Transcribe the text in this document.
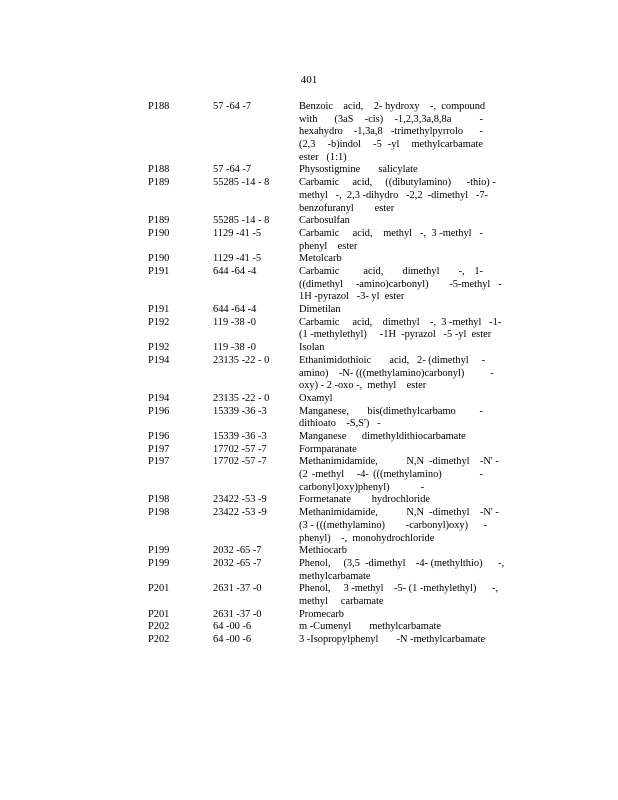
401
P188	57 -64 -7	Benzoic    acid,    2- hydroxy    -,  compound
with   (3aS  -cis)  -1,2,3,3a,8,8a     -
hexahydro    -1,3a,8   -trimethylpyrrolo      -
(2,3  -b)indol  -5 -yl  methylcarbamate
ester   (1:1)
P188	57 -64 -7	Physostigmine       salicylate
P189	55285 -14 - 8	Carbamic     acid,     ((dibutylamino)      -thio) -
methyl   -,  2,3 -dihydro   -2,2  -dimethyl   -7-
benzofuranyl        ester
P189	55285 -14 - 8	Carbosulfan
P190	1129 -41 -5	Carbamic     acid,    methyl   -,  3 -methyl   -
phenyl    ester
P190	1129 -41 -5	Metolcarb
P191	644 -64 -4	Carbamic     acid,    dimethyl    -,  1-
((dimethyl     -amino)carbonyl)        -5-methyl   -
1H -pyrazol   -3- yl  ester
P191	644 -64 -4	Dimetilan
P192	119 -38 -0	Carbamic     acid,    dimethyl    -,  3 -methyl   -1-
(1 -methylethyl)     -1H  -pyrazol   -5 -yl  ester
P192	119 -38 -0	Isolan
P194	23135 -22 - 0	Ethanimidothioic       acid,   2- (dimethyl     -
amino)    -N- (((methylamino)carbonyl)          -
oxy) - 2 -oxo -,  methyl    ester
P194	23135 -22 - 0	Oxamyl
P196	15339 -36 -3	Manganese,       bis(dimethylcarbamo         -
dithioato    -S,S')   -
P196	15339 -36 -3	Manganese      dimethyldithiocarbamate
P197	17702 -57 -7	Formparanate
P197	17702 -57 -7	Methanimidamide,           N,N  -dimethyl    -N' -
(2 -methyl   -4- (((methylamino)         -
carbonyl)oxy)phenyl)            -
P198	23422 -53 -9	Formetanate        hydrochloride
P198	23422 -53 -9	Methanimidamide,           N,N  -dimethyl    -N' -
(3 - (((methylamino)        -carbonyl)oxy)      -
phenyl)    -,  monohydrochloride
P199	2032 -65 -7	Methiocarb
P199	2032 -65 -7	Phenol,     (3,5  -dimethyl    -4- (methylthio)      -,
methylcarbamate
P201	2631 -37 -0	Phenol,     3 -methyl    -5- (1 -methylethyl)      -,
methyl     carbamate
P201	2631 -37 -0	Promecarb
P202	64 -00 -6	m -Cumenyl       methylcarbamate
P202	64 -00 -6	3 -Isopropylphenyl       -N -methylcarbamate
